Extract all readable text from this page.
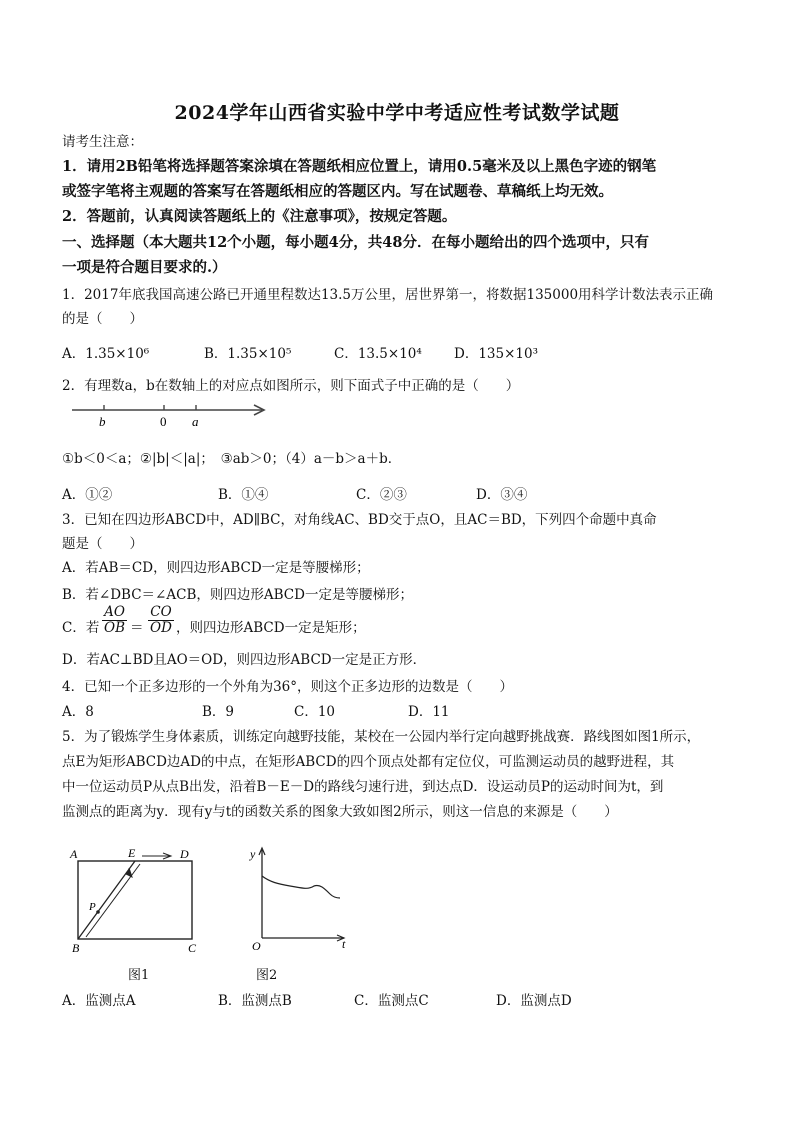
2024学年山西省实验中学中考适应性考试数学试题
请考生注意：
1．请用2B铅笔将选择题答案涂填在答题纸相应位置上，请用0.5毫米及以上黑色字迹的钢笔
或签字笔将主观题的答案写在答题纸相应的答题区内。写在试题卷、草稿纸上均无效。
2．答题前，认真阅读答题纸上的《注意事项》，按规定答题。
一、选择题（本大题共12个小题，每小题4分，共48分．在每小题给出的四个选项中，只有
一项是符合题目要求的.）
1．2017年底我国高速公路已开通里程数达13.5万公里，居世界第一，将数据135000用科学计数法表示正确
的是（　　）
A．1.35×10⁶	B．1.35×10⁵	C．13.5×10⁴ D．135×10³
2．有理数a，b在数轴上的对应点如图所示，则下面式子中正确的是（　　）
b	0 a
①b＜0＜a；②|b|＜|a|；　③ab＞0；（4）a－b＞a＋b．
A．①②	B．①④	C．②③	D．③④
3．已知在四边形ABCD中，AD∥BC，对角线AC、BD交于点O，且AC＝BD，下列四个命题中真命
题是（　　）
A．若AB＝CD，则四边形ABCD一定是等腰梯形；
B．若∠DBC＝∠ACB，则四边形ABCD一定是等腰梯形；
C．若 $\frac{AO}{OB} = \frac{CO}{OD}$ ，则四边形ABCD一定是矩形；
D．若AC⊥BD且AO＝OD，则四边形ABCD一定是正方形．
4．已知一个正多边形的一个外角为36°，则这个正多边形的边数是（　　）
A．8	B．9	C．10	D．11
5．为了锻炼学生身体素质，训练定向越野技能，某校在一公园内举行定向越野挑战赛．路线图如图1所示，
点E为矩形ABCD边AD的中点，在矩形ABCD的四个顶点处都有定位仪，可监测运动员的越野进程，其
中一位运动员P从点B出发，沿着B－E－D的路线匀速行进，到达点D．设运动员P的运动时间为t，到
监测点的距离为y．现有y与t的函数关系的图象大致如图2所示，则这一信息的来源是（　　）
A	E	D
P
B	C
图1
y
O	t
图2
A．监测点A	B．监测点B	C．监测点C	D．监测点D
